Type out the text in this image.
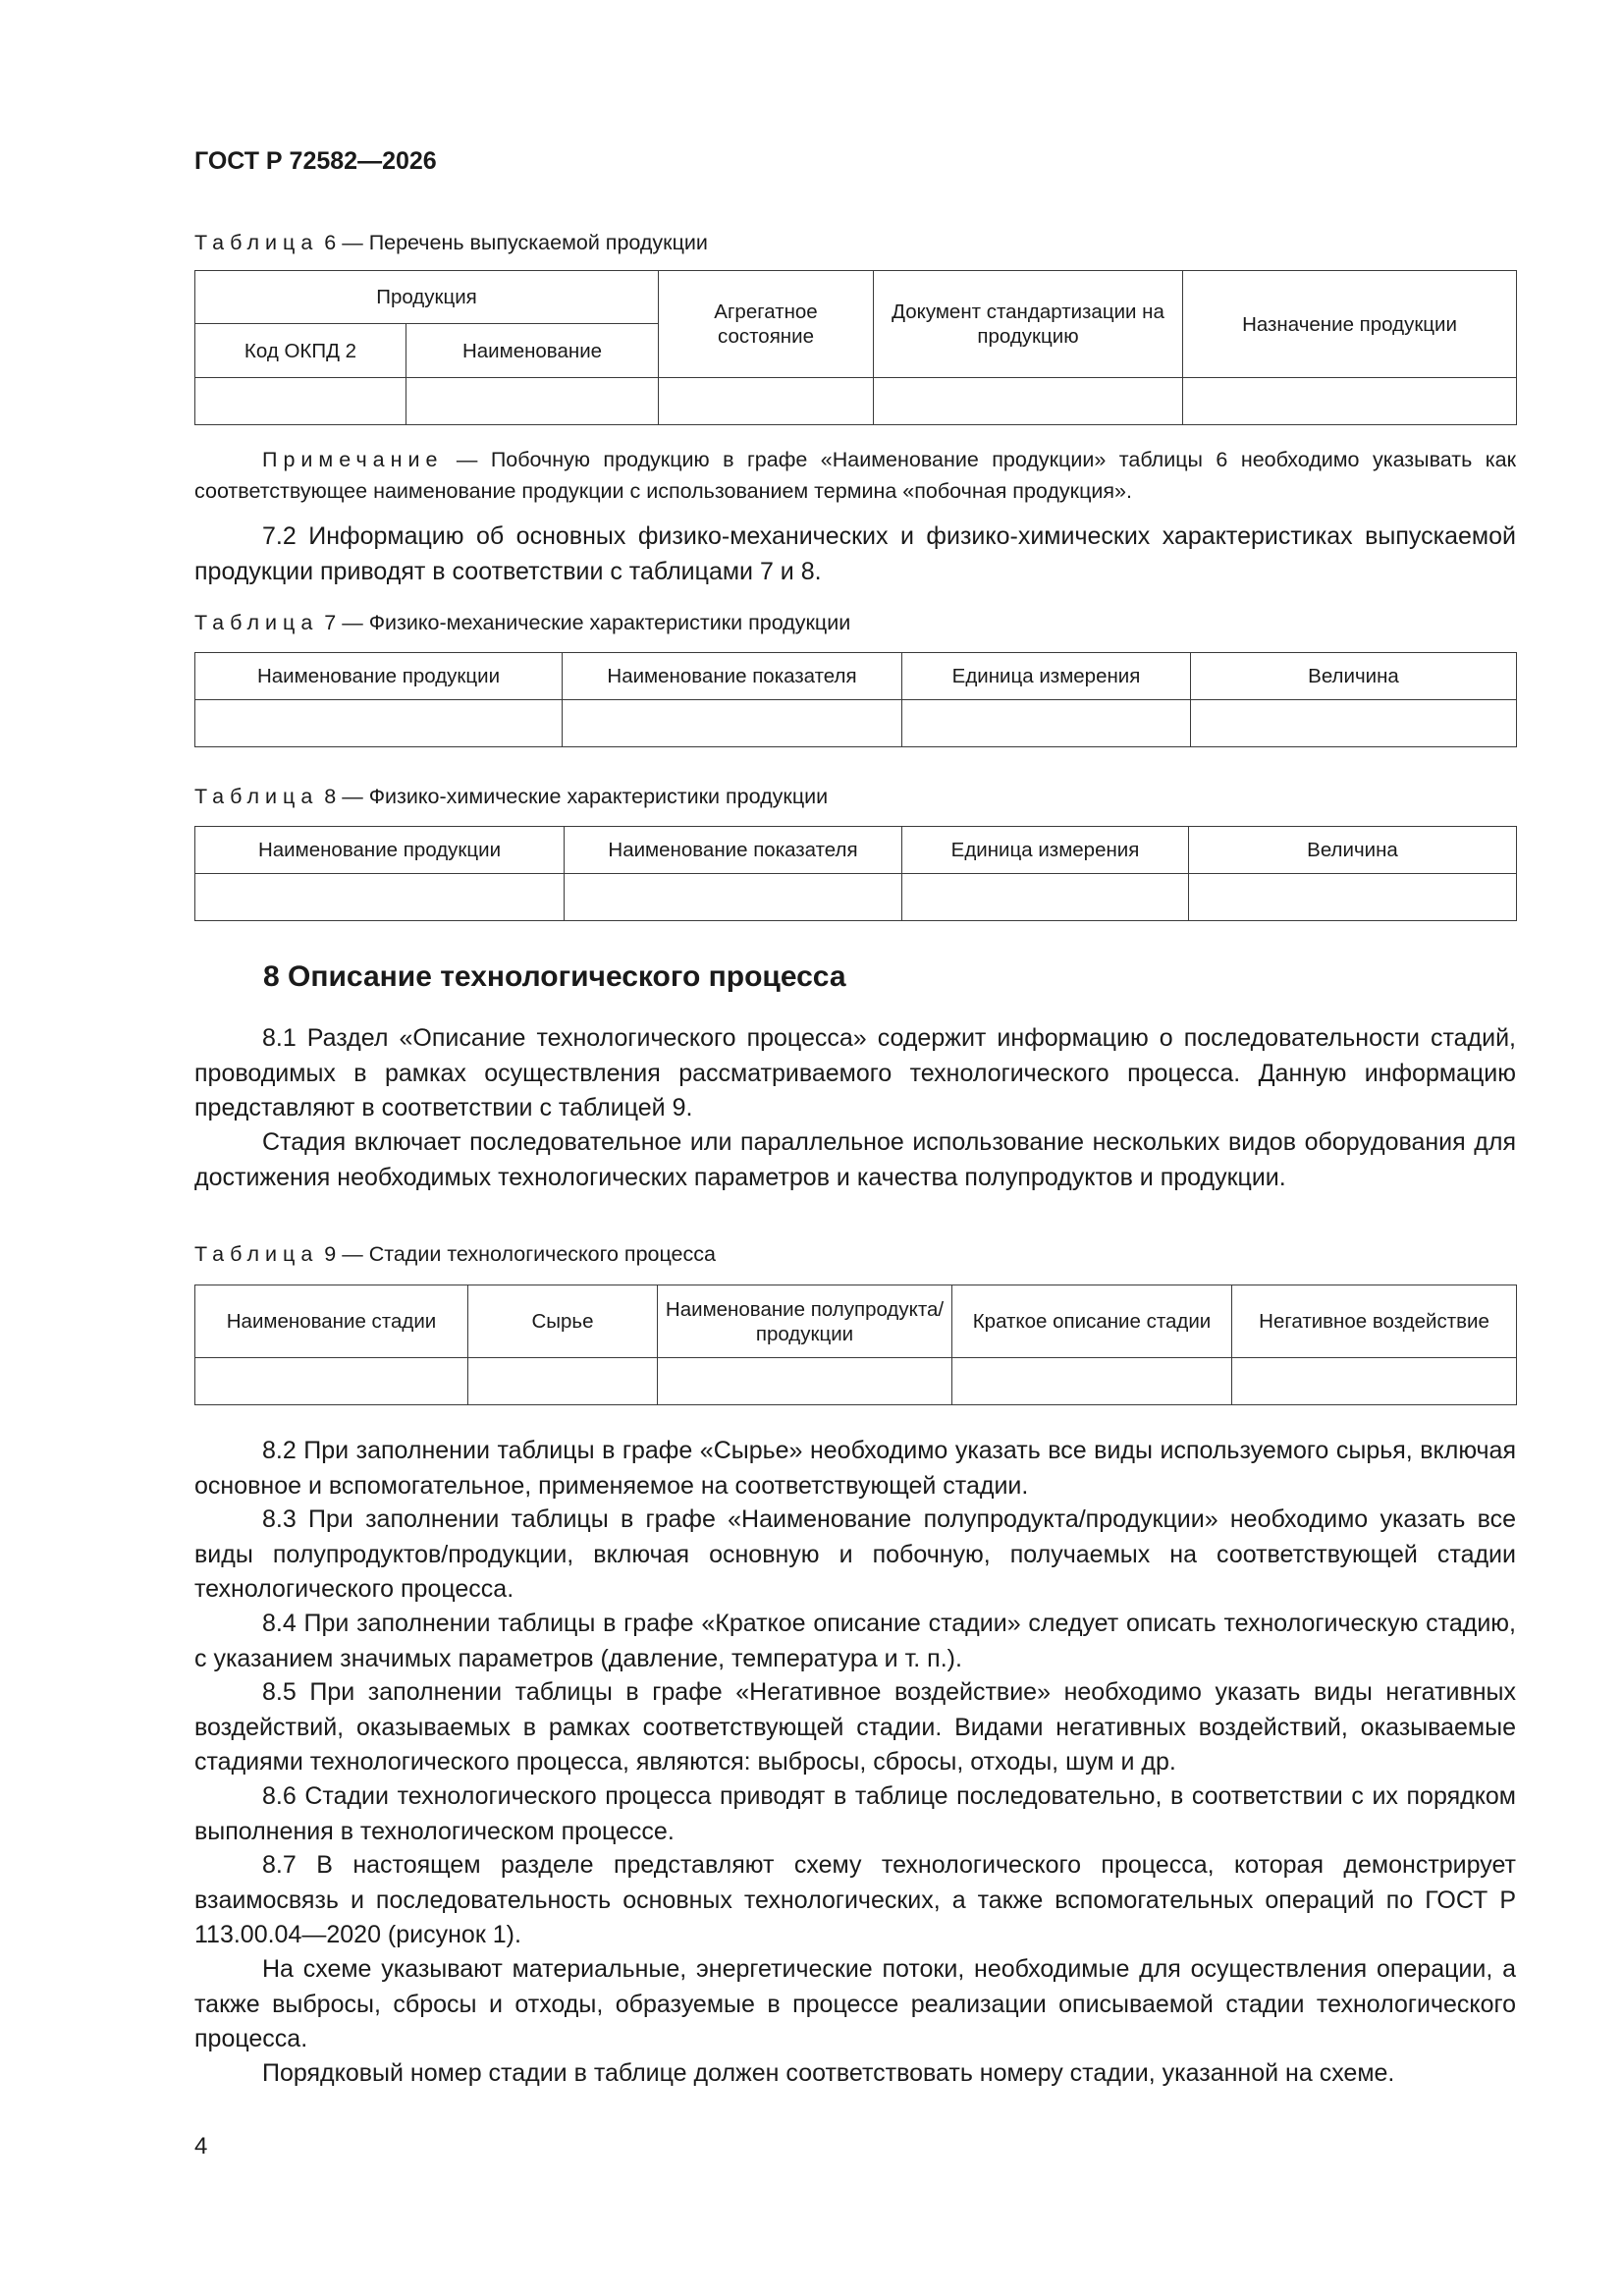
ГОСТ Р 72582—2026
Таблица 6 — Перечень выпускаемой продукции
Продукция		Агрегатное состояние	Документ стандартизации на продукцию	Назначение продукции
Код ОКПД 2	Наименование			

Примечание — Побочную продукцию в графе «Наименование продукции» таблицы 6 необходимо указывать как соответствующее наименование продукции с использованием термина «побочная продукция».

7.2 Информацию об основных физико-механических и физико-химических характеристиках выпускаемой продукции приводят в соответствии с таблицами 7 и 8.

Таблица 7 — Физико-механические характеристики продукции
Наименование продукции	Наименование показателя	Единица измерения	Величина

Таблица 8 — Физико-химические характеристики продукции
Наименование продукции	Наименование показателя	Единица измерения	Величина

8 Описание технологического процесса

8.1 Раздел «Описание технологического процесса» содержит информацию о последовательности стадий, проводимых в рамках осуществления рассматриваемого технологического процесса. Данную информацию представляют в соответствии с таблицей 9.

Стадия включает последовательное или параллельное использование нескольких видов оборудования для достижения необходимых технологических параметров и качества полупродуктов и продукции.

Таблица 9 — Стадии технологического процесса
Наименование стадии	Сырье	Наименование полупродукта/ продукции	Краткое описание стадии	Негативное воздействие

8.2 При заполнении таблицы в графе «Сырье» необходимо указать все виды используемого сырья, включая основное и вспомогательное, применяемое на соответствующей стадии.

8.3 При заполнении таблицы в графе «Наименование полупродукта/продукции» необходимо указать все виды полупродуктов/продукции, включая основную и побочную, получаемых на соответствующей стадии технологического процесса.

8.4 При заполнении таблицы в графе «Краткое описание стадии» следует описать технологическую стадию, с указанием значимых параметров (давление, температура и т. п.).

8.5 При заполнении таблицы в графе «Негативное воздействие» необходимо указать виды негативных воздействий, оказываемых в рамках соответствующей стадии. Видами негативных воздействий, оказываемые стадиями технологического процесса, являются: выбросы, сбросы, отходы, шум и др.

8.6 Стадии технологического процесса приводят в таблице последовательно, в соответствии с их порядком выполнения в технологическом процессе.

8.7 В настоящем разделе представляют схему технологического процесса, которая демонстрирует взаимосвязь и последовательность основных технологических, а также вспомогательных операций по ГОСТ Р 113.00.04—2020 (рисунок 1).

На схеме указывают материальные, энергетические потоки, необходимые для осуществления операции, а также выбросы, сбросы и отходы, образуемые в процессе реализации описываемой стадии технологического процесса.

Порядковый номер стадии в таблице должен соответствовать номеру стадии, указанной на схеме.

4
